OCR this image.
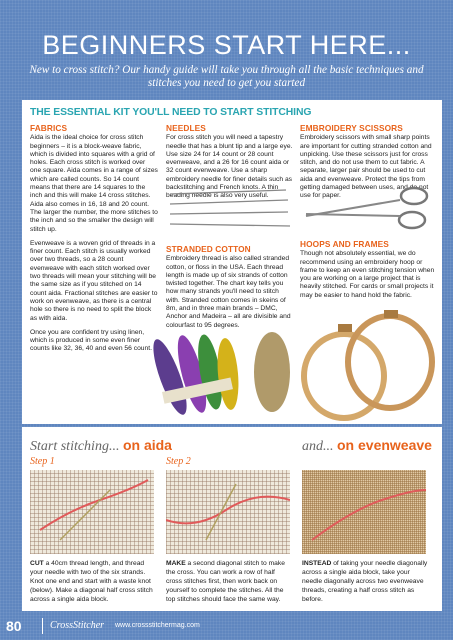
BEGINNERS START HERE...

New to cross stitch? Our handy guide will take you through all the basic techniques and stitches you need to get you started

THE ESSENTIAL KIT YOU'LL NEED TO START STITCHING
FABRICS

Aida is the ideal choice for cross stitch beginners – it is a block-weave fabric, which is divided into squares with a grid of holes. Each cross stitch is worked over one square. Aida comes in a range of sizes which are called counts. So 14 count means that there are 14 squares to the inch and this will make 14 cross stitches. Aida also comes in 16, 18 and 20 count. The larger the number, the more stitches to the inch and so the smaller the design will stitch up.

Evenweave is a woven grid of threads in a finer count. Each stitch is usually worked over two threads, so a 28 count evenweave with each stitch worked over two threads will mean your stitching will be the same size as if you stitched on 14 count aida. Fractional stitches are easier to work on evenweave, as there is a central hole so there is no need to split the block as with aida.

Once you are confident try using linen, which is produced in some even finer counts like 32, 36, 40 and even 56 count.

NEEDLES

For cross stitch you will need a tapestry needle that has a blunt tip and a large eye. Use size 24 for 14 count or 28 count evenweave, and a 26 for 16 count aida or 32 count evenweave. Use a sharp embroidery needle for finer details such as backstitching and French knots. A thin beading needle is also very useful.

STRANDED COTTON

Embroidery thread is also called stranded cotton, or floss in the USA. Each thread length is made up of six strands of cotton twisted together. The chart key tells you how many strands you'll need to stitch with. Stranded cotton comes in skeins of 8m, and in three main brands – DMC, Anchor and Madeira – all are divisible and colourfast to 95 degrees.

EMBROIDERY SCISSORS

Embroidery scissors with small sharp points are important for cutting stranded cotton and unpicking. Use these scissors just for cross stitch, and do not use them to cut fabric. A separate, larger pair should be used to cut aida and evenweave. Protect the tips from getting damaged between uses, and do not use for paper.

HOOPS AND FRAMES

Though not absolutely essential, we do recommend using an embroidery hoop or frame to keep an even stitching tension when you are working on a large project that is heavily stitched. For cards or small projects it may be easier to hand hold the fabric.

Start stitching... on aida	and... on evenweave
Step 1	Step 2
CUT a 40cm thread length, and thread your needle with two of the six strands. Knot one end and start with a waste knot (below). Make a diagonal half cross stitch across a single aida block.
MAKE a second diagonal stitch to make the cross. You can work a row of half cross stitches first, then work back on yourself to complete the stitches. All the top stitches should face the same way.
INSTEAD of taking your needle diagonally across a single aida block, take your needle diagonally across two evenweave threads, creating a half cross stitch as before.
80	CrossStitcher www.crossstitchermag.com
